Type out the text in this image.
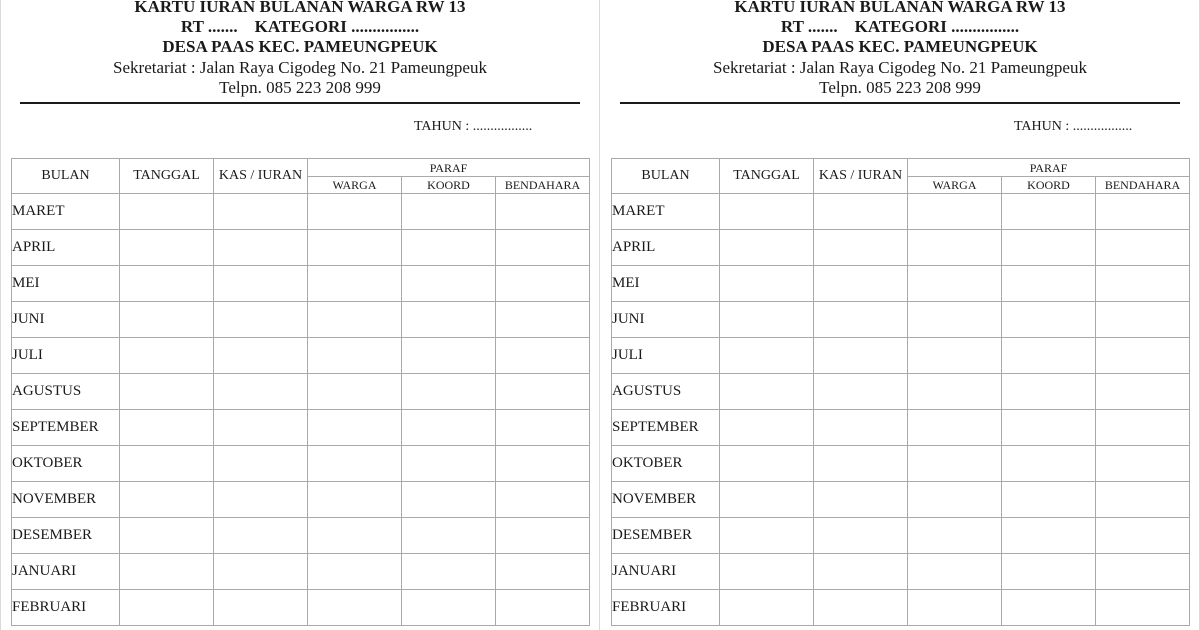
KARTU IURAN BULANAN WARGA RW 13
RT .......    KATEGORI ................
DESA PAAS KEC. PAMEUNGPEUK
Sekretariat : Jalan Raya Cigodeg No. 21 Pameungpeuk
Telpn. 085 223 208 999
TAHUN : .................
BULAN	TANGGAL	KAS / IURAN	PARAF		
			WARGA	KOORD	BENDAHARA
MARET					
APRIL					
MEI					
JUNI					
JULI					
AGUSTUS					
SEPTEMBER					
OKTOBER					
NOVEMBER					
DESEMBER					
JANUARI					
FEBRUARI					
KARTU IURAN BULANAN WARGA RW 13
RT .......    KATEGORI ................
DESA PAAS KEC. PAMEUNGPEUK
Sekretariat : Jalan Raya Cigodeg No. 21 Pameungpeuk
Telpn. 085 223 208 999
TAHUN : .................
BULAN	TANGGAL	KAS / IURAN	PARAF		
			WARGA	KOORD	BENDAHARA
MARET					
APRIL					
MEI					
JUNI					
JULI					
AGUSTUS					
SEPTEMBER					
OKTOBER					
NOVEMBER					
DESEMBER					
JANUARI					
FEBRUARI					
